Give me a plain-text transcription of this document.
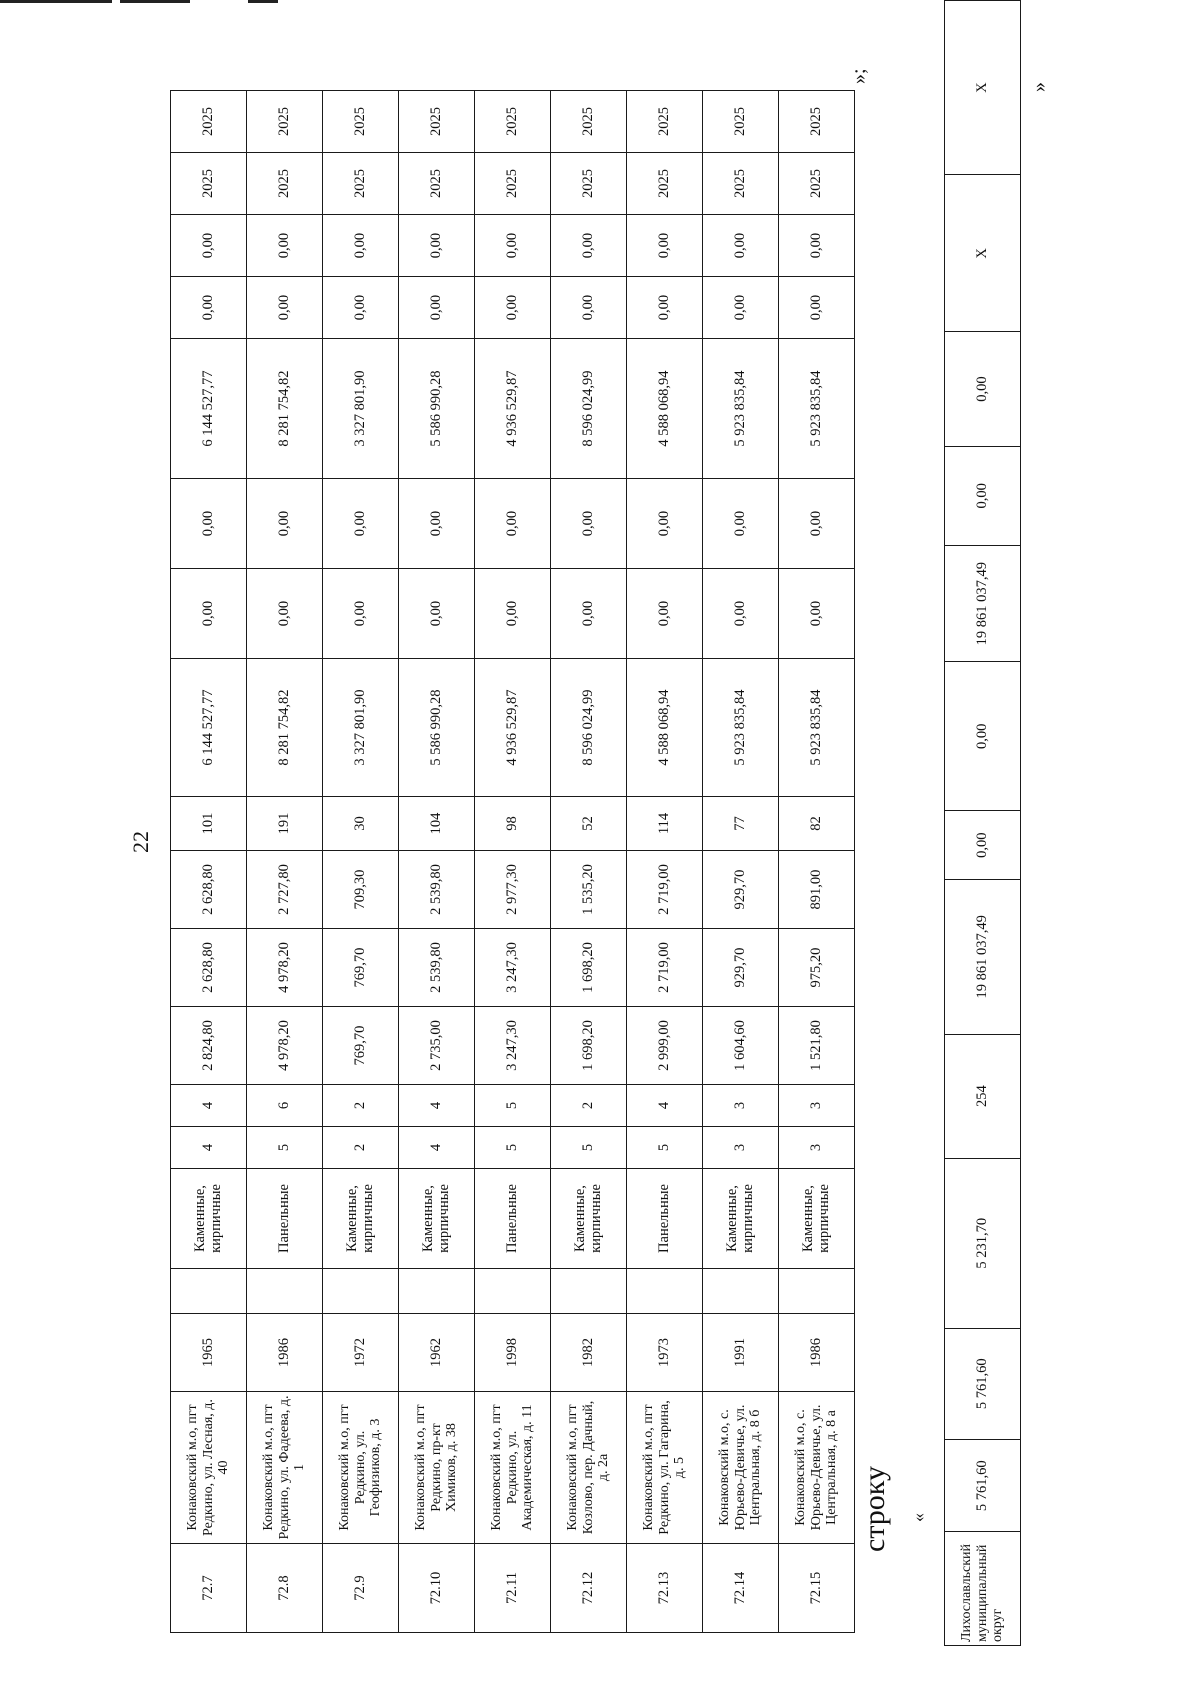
22
72.7	Конаковский м.о, пгт Редкино, ул. Лесная, д. 40	1965		Каменные, кирпичные	4	4	2 824,80	2 628,80	2 628,80	101	6 144 527,77	0,00	0,00	6 144 527,77	0,00	0,00	2025	2025
72.8	Конаковский м.о, пгт Редкино, ул. Фадеева, д. 1	1986		Панельные	5	6	4 978,20	4 978,20	2 727,80	191	8 281 754,82	0,00	0,00	8 281 754,82	0,00	0,00	2025	2025
72.9	Конаковский м.о, пгт Редкино, ул. Геофизиков, д. 3	1972		Каменные, кирпичные	2	2	769,70	769,70	709,30	30	3 327 801,90	0,00	0,00	3 327 801,90	0,00	0,00	2025	2025
72.10	Конаковский м.о, пгт Редкино, пр-кт Химиков, д. 38	1962		Каменные, кирпичные	4	4	2 735,00	2 539,80	2 539,80	104	5 586 990,28	0,00	0,00	5 586 990,28	0,00	0,00	2025	2025
72.11	Конаковский м.о, пгт Редкино, ул. Академическая, д. 11	1998		Панельные	5	5	3 247,30	3 247,30	2 977,30	98	4 936 529,87	0,00	0,00	4 936 529,87	0,00	0,00	2025	2025
72.12	Конаковский м.о, пгт Козлово, пер. Дачный, д. 2а	1982		Каменные, кирпичные	5	2	1 698,20	1 698,20	1 535,20	52	8 596 024,99	0,00	0,00	8 596 024,99	0,00	0,00	2025	2025
72.13	Конаковский м.о, пгт Редкино, ул. Гагарина, д. 5	1973		Панельные	5	4	2 999,00	2 719,00	2 719,00	114	4 588 068,94	0,00	0,00	4 588 068,94	0,00	0,00	2025	2025
72.14	Конаковский м.о, с. Юрьево-Девичье, ул. Центральная, д. 8 б	1991		Каменные, кирпичные	3	3	1 604,60	929,70	929,70	77	5 923 835,84	0,00	0,00	5 923 835,84	0,00	0,00	2025	2025
72.15	Конаковский м.о, с. Юрьево-Девичье, ул. Центральная, д. 8 а	1986		Каменные, кирпичные	3	3	1 521,80	975,20	891,00	82	5 923 835,84	0,00	0,00	5 923 835,84	0,00	0,00	2025	2025
»;
строку «
Лихославльский муниципальный округ	5 761,60	5 761,60	5 231,70	254	19 861 037,49	0,00	0,00	19 861 037,49	0,00	0,00	X	X »
